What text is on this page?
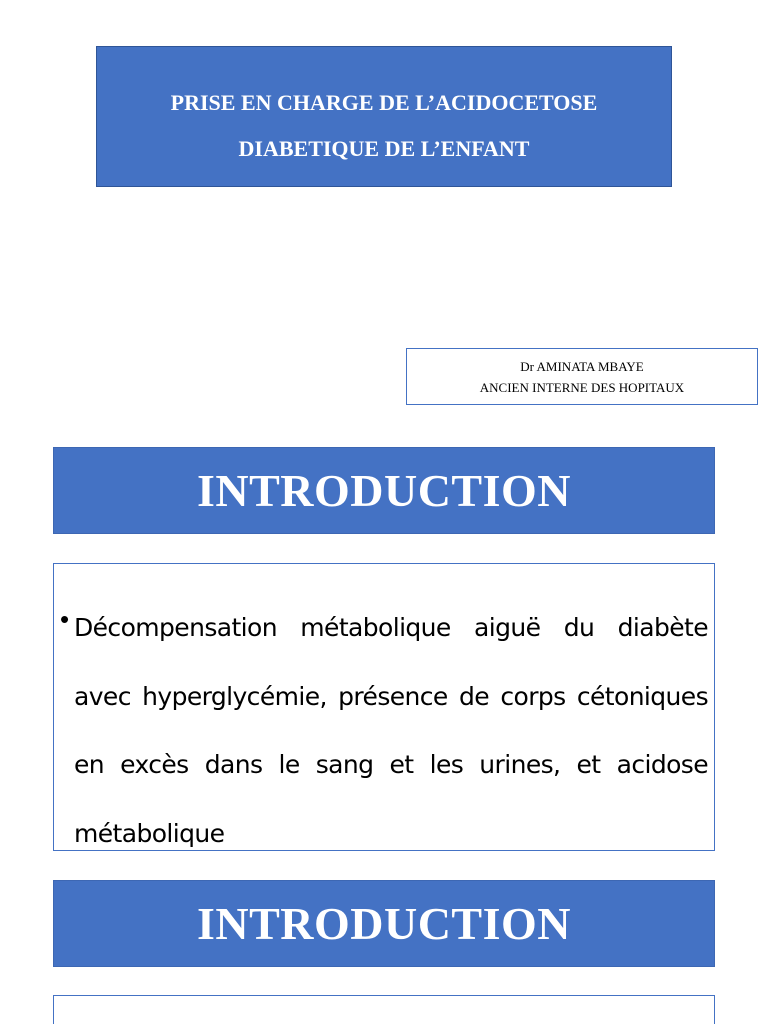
PRISE EN CHARGE DE L’ACIDOCETOSE
DIABETIQUE DE L’ENFANT
Dr AMINATA MBAYE
ANCIEN INTERNE DES HOPITAUX
INTRODUCTION
• Décompensation métabolique aiguë du diabète avec hyperglycémie, présence de corps cétoniques en excès dans le sang et les urines, et acidose métabolique

INTRODUCTION
